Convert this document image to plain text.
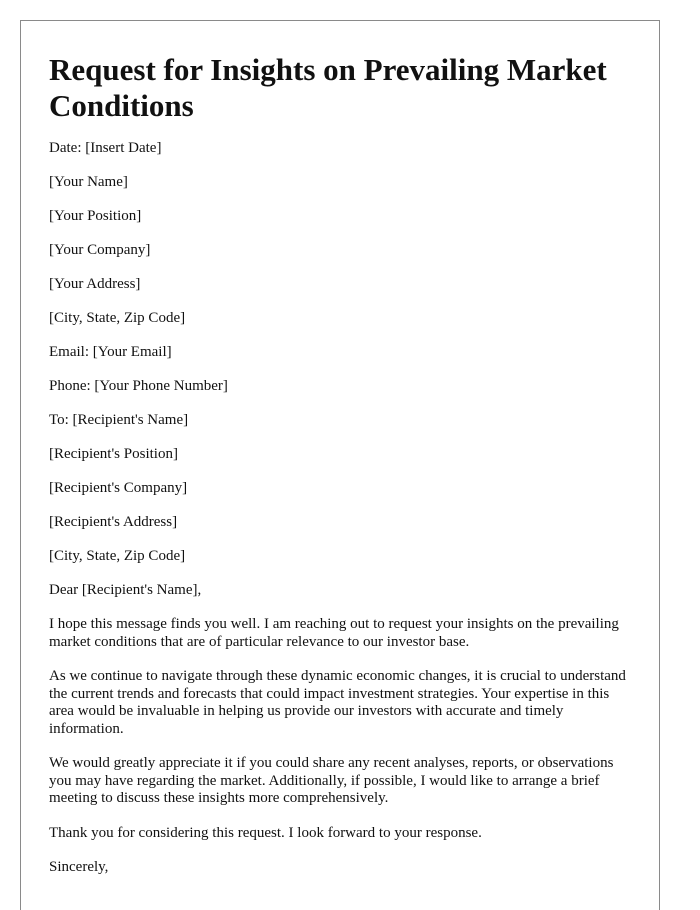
Request for Insights on Prevailing Market Conditions

Date: [Insert Date]

[Your Name]

[Your Position]

[Your Company]

[Your Address]

[City, State, Zip Code]

Email: [Your Email]

Phone: [Your Phone Number]

To: [Recipient's Name]

[Recipient's Position]

[Recipient's Company]

[Recipient's Address]

[City, State, Zip Code]

Dear [Recipient's Name],

I hope this message finds you well. I am reaching out to request your insights on the prevailing market conditions that are of particular relevance to our investor base.

As we continue to navigate through these dynamic economic changes, it is crucial to understand the current trends and forecasts that could impact investment strategies. Your expertise in this area would be invaluable in helping us provide our investors with accurate and timely information.

We would greatly appreciate it if you could share any recent analyses, reports, or observations you may have regarding the market. Additionally, if possible, I would like to arrange a brief meeting to discuss these insights more comprehensively.

Thank you for considering this request. I look forward to your response.

Sincerely,
